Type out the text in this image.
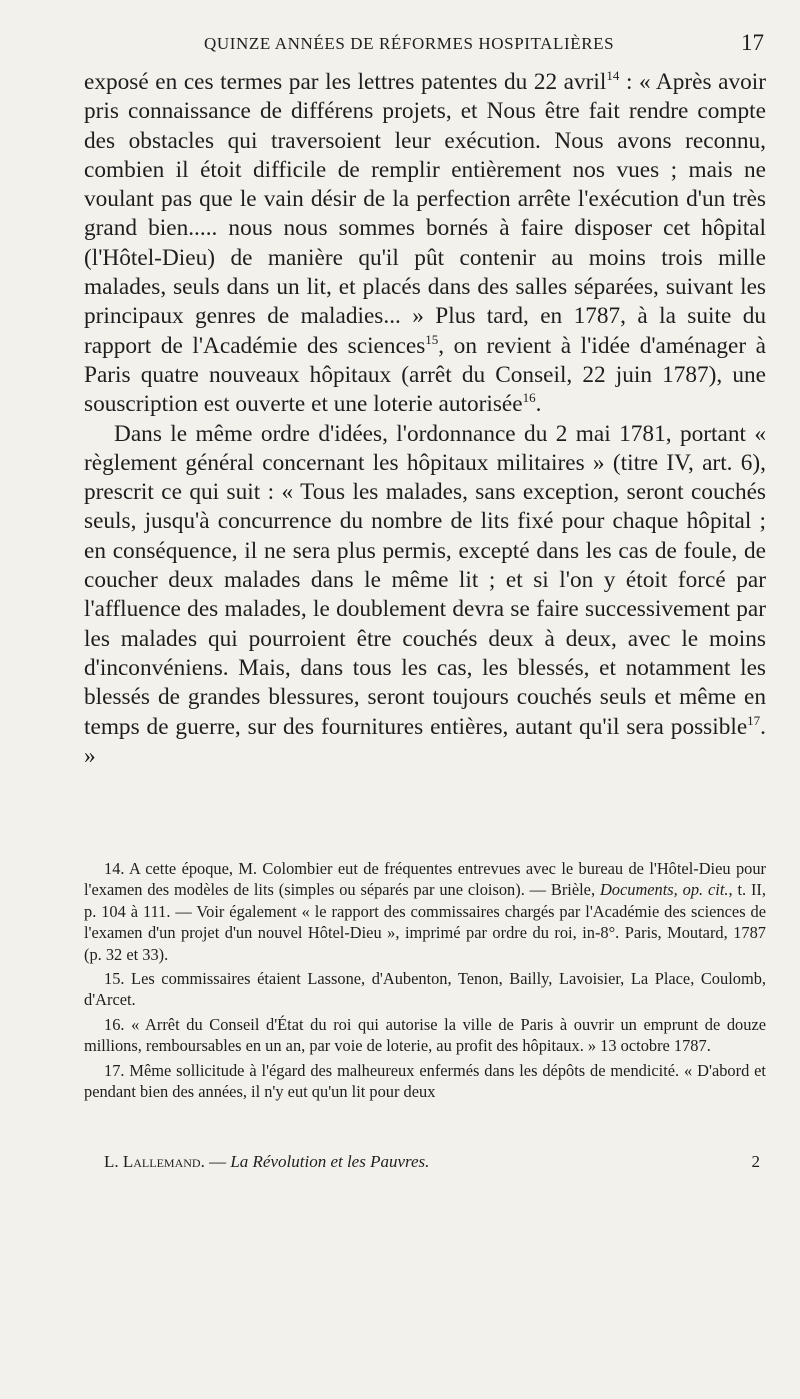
QUINZE ANNÉES DE RÉFORMES HOSPITALIÈRES	17

exposé en ces termes par les lettres patentes du 22 avril$^{14}$ : « Après avoir pris connaissance de différens projets, et Nous être fait rendre compte des obstacles qui traversoient leur exécution. Nous avons reconnu, combien il étoit difficile de remplir entièrement nos vues ; mais ne voulant pas que le vain désir de la perfection arrête l'exécution d'un très grand bien..... nous nous sommes bornés à faire disposer cet hôpital (l'Hôtel-Dieu) de manière qu'il pût contenir au moins trois mille malades, seuls dans un lit, et placés dans des salles séparées, suivant les principaux genres de maladies... » Plus tard, en 1787, à la suite du rapport de l'Académie des sciences$^{15}$, on revient à l'idée d'aménager à Paris quatre nouveaux hôpitaux (arrêt du Conseil, 22 juin 1787), une souscription est ouverte et une loterie autorisée$^{16}$.

Dans le même ordre d'idées, l'ordonnance du 2 mai 1781, portant « règlement général concernant les hôpitaux militaires » (titre IV, art. 6), prescrit ce qui suit : « Tous les malades, sans exception, seront couchés seuls, jusqu'à concurrence du nombre de lits fixé pour chaque hôpital ; en conséquence, il ne sera plus permis, excepté dans les cas de foule, de coucher deux malades dans le même lit ; et si l'on y étoit forcé par l'affluence des malades, le doublement devra se faire successivement par les malades qui pourroient être couchés deux à deux, avec le moins d'inconvéniens. Mais, dans tous les cas, les blessés, et notamment les blessés de grandes blessures, seront toujours couchés seuls et même en temps de guerre, sur des fournitures entières, autant qu'il sera possible$^{17}$. »

14. A cette époque, M. Colombier eut de fréquentes entrevues avec le bureau de l'Hôtel-Dieu pour l'examen des modèles de lits (simples ou séparés par une cloison). — Brièle, Documents, op. cit., t. II, p. 104 à 111. — Voir également « le rapport des commissaires chargés par l'Académie des sciences de l'examen d'un projet d'un nouvel Hôtel-Dieu », imprimé par ordre du roi, in-8°. Paris, Moutard, 1787 (p. 32 et 33).

15. Les commissaires étaient Lassone, d'Aubenton, Tenon, Bailly, Lavoisier, La Place, Coulomb, d'Arcet.

16. « Arrêt du Conseil d'État du roi qui autorise la ville de Paris à ouvrir un emprunt de douze millions, remboursables en un an, par voie de loterie, au profit des hôpitaux. » 13 octobre 1787.

17. Même sollicitude à l'égard des malheureux enfermés dans les dépôts de mendicité. « D'abord et pendant bien des années, il n'y eut qu'un lit pour deux

L. Lallemand. — La Révolution et les Pauvres.	2
